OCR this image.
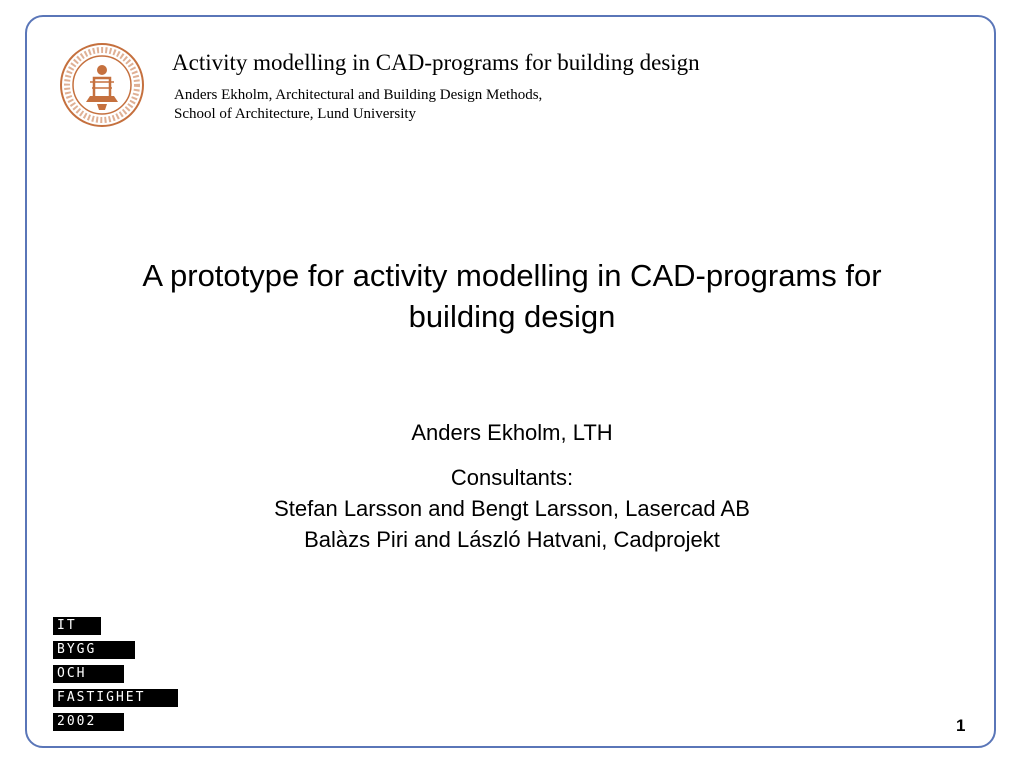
Activity modelling in CAD-programs for building design
Anders Ekholm, Architectural and Building Design Methods,
School of Architecture, Lund University
A prototype for activity modelling in CAD-programs for
building design
Anders Ekholm, LTH
Consultants:
Stefan Larsson and Bengt Larsson, Lasercad AB
Balàzs Piri and László Hatvani, Cadprojekt
IT
BYGG
OCH
FASTIGHET
2002	1
